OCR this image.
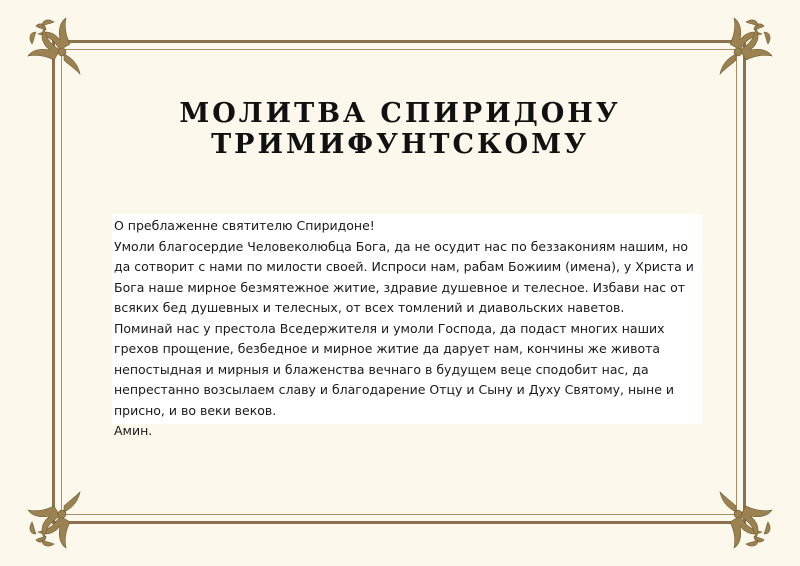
МОЛИТВА СПИРИДОНУ ТРИМИФУНТСКОМУ

О преблаженне святителю Спиридоне!

Умоли благосердие Человеколюбца Бога, да не осудит нас по беззакониям нашим, но да сотворит с нами по милости своей. Испроси нам, рабам Божиим (имена), у Христа и Бога наше мирное безмятежное житие, здравие душевное и телесное. Избави нас от всяких бед душевных и телесных, от всех томлений и диавольских наветов.

Поминай нас у престола Вседержителя и умоли Господа, да подаст многих наших грехов прощение, безбедное и мирное житие да дарует нам, кончины же живота непостыдная и мирныя и блаженства вечнаго в будущем веце сподобит нас, да непрестанно возсылаем славу и благодарение Отцу и Сыну и Духу Святому, ныне и присно, и во веки веков.

Амин.
